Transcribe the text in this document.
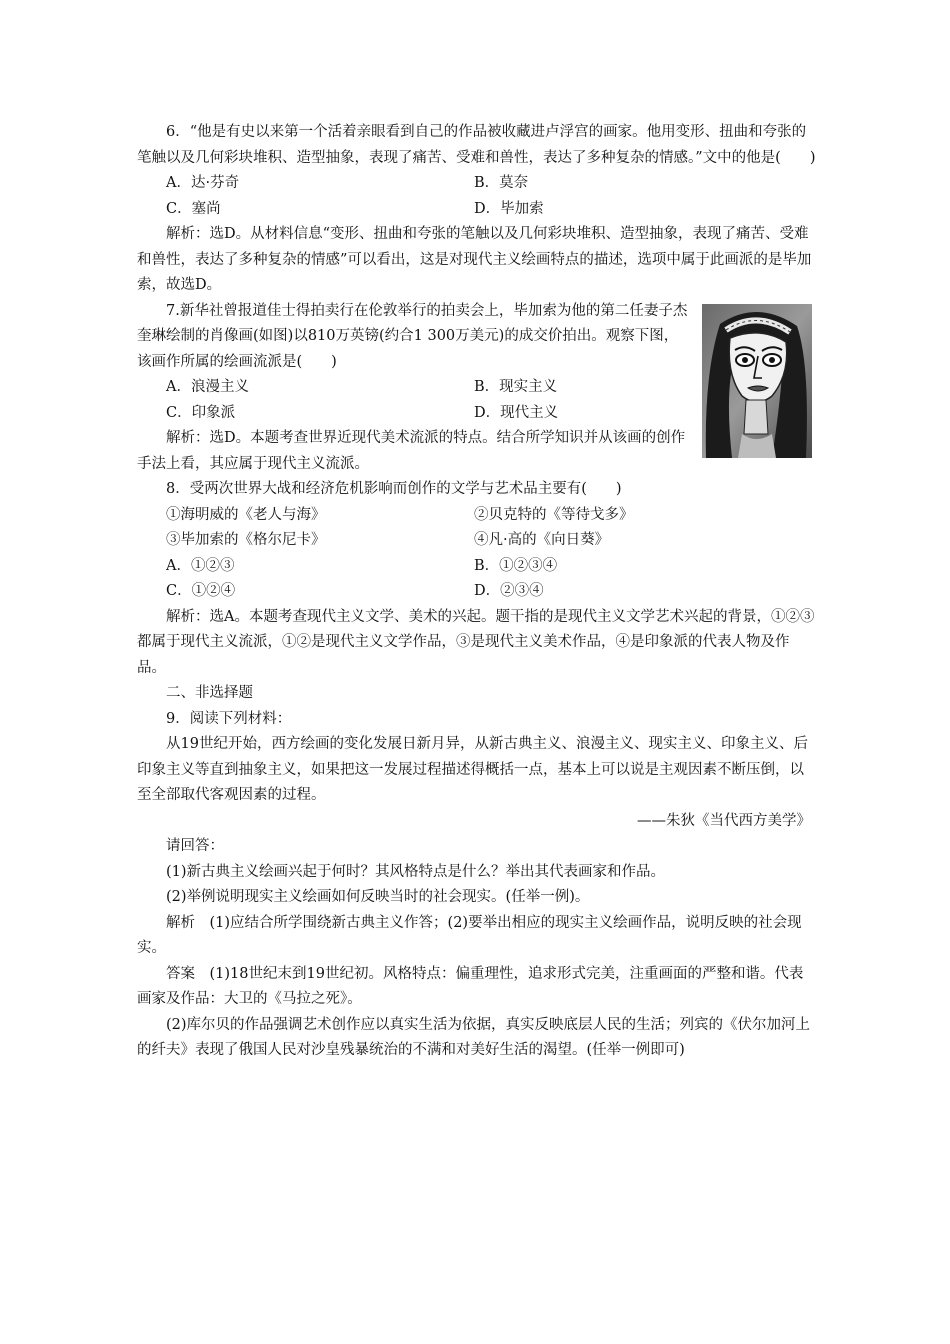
6．“他是有史以来第一个活着亲眼看到自己的作品被收藏进卢浮宫的画家。他用变形、扭曲和夸张的笔触以及几何彩块堆积、造型抽象，表现了痛苦、受难和兽性，表达了多种复杂的情感。”文中的他是(　　)

A．达·芬奇	B．莫奈
C．塞尚	D．毕加索

解析：选D。从材料信息“变形、扭曲和夸张的笔触以及几何彩块堆积、造型抽象，表现了痛苦、受难和兽性，表达了多种复杂的情感”可以看出，这是对现代主义绘画特点的描述，选项中属于此画派的是毕加索，故选D。

7.新华社曾报道佳士得拍卖行在伦敦举行的拍卖会上，毕加索为他的第二任妻子杰奎琳绘制的肖像画(如图)以810万英镑(约合1 300万美元)的成交价拍出。观察下图，该画作所属的绘画流派是(　　)

A．浪漫主义	B．现实主义
C．印象派	D．现代主义

解析：选D。本题考查世界近现代美术流派的特点。结合所学知识并从该画的创作手法上看，其应属于现代主义流派。

8．受两次世界大战和经济危机影响而创作的文学与艺术品主要有(　　)

①海明威的《老人与海》	②贝克特的《等待戈多》
③毕加索的《格尔尼卡》	④凡·高的《向日葵》
A．①②③	B．①②③④
C．①②④	D．②③④

解析：选A。本题考查现代主义文学、美术的兴起。题干指的是现代主义文学艺术兴起的背景，①②③都属于现代主义流派，①②是现代主义文学作品，③是现代主义美术作品，④是印象派的代表人物及作品。

二、非选择题

9．阅读下列材料：

从19世纪开始，西方绘画的变化发展日新月异，从新古典主义、浪漫主义、现实主义、印象主义、后印象主义等直到抽象主义，如果把这一发展过程描述得概括一点，基本上可以说是主观因素不断压倒，以至全部取代客观因素的过程。

——朱狄《当代西方美学》

请回答：

(1)新古典主义绘画兴起于何时？其风格特点是什么？举出其代表画家和作品。

(2)举例说明现实主义绘画如何反映当时的社会现实。(任举一例)。

解析　(1)应结合所学围绕新古典主义作答；(2)要举出相应的现实主义绘画作品，说明反映的社会现实。

答案　(1)18世纪末到19世纪初。风格特点：偏重理性，追求形式完美，注重画面的严整和谐。代表画家及作品：大卫的《马拉之死》。

(2)库尔贝的作品强调艺术创作应以真实生活为依据，真实反映底层人民的生活；列宾的《伏尔加河上的纤夫》表现了俄国人民对沙皇残暴统治的不满和对美好生活的渴望。(任举一例即可)
